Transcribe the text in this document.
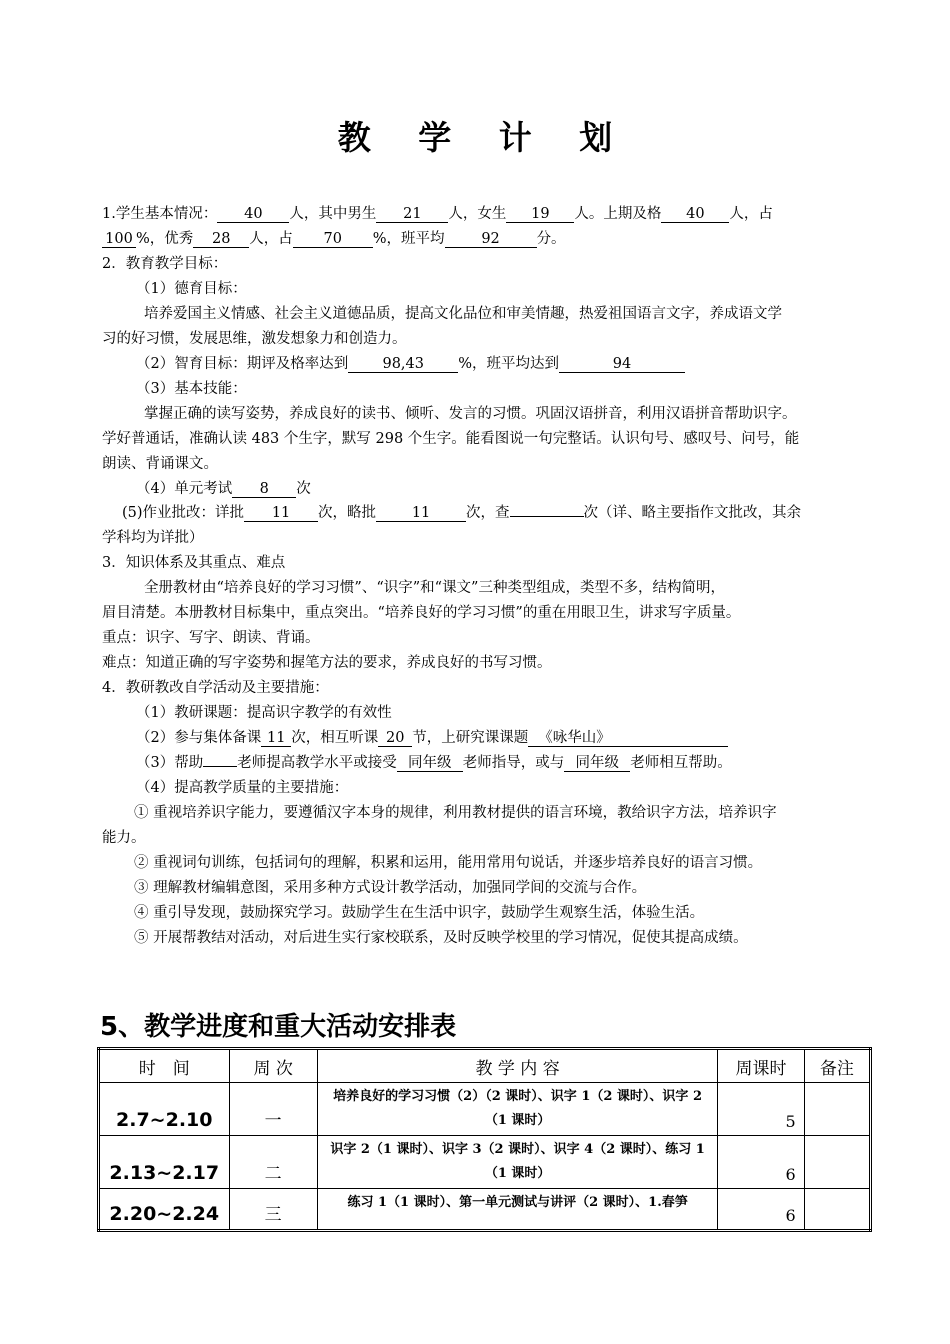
教 学 计 划
1.学生基本情况： 40 人，其中男生 21 人，女生 19 人。上期及格 40 人，占
100 %，优秀 28 人，占 70 %，班平均	92	分。
2．教育教学目标：
（1）德育目标：
培养爱国主义情感、社会主义道德品质，提高文化品位和审美情趣，热爱祖国语言文字，养成语文学
习的好习惯，发展思维，激发想象力和创造力。
（2）智育目标：期评及格率达到 98,43 %，班平均达到	94
（3）基本技能：
掌握正确的读写姿势，养成良好的读书、倾听、发言的习惯。巩固汉语拼音，利用汉语拼音帮助识字。
学好普通话，准确认读 483 个生字，默写 298 个生字。能看图说一句完整话。认识句号、感叹号、问号，能
朗读、背诵课文。
（4）单元考试 8 次
(5)作业批改：详批 11 次，略批 11 次，查	次（详、略主要指作文批改，其余
学科均为详批）
3．知识体系及其重点、难点
全册教材由“培养良好的学习习惯”、“识字”和“课文”三种类型组成，类型不多，结构简明，
眉目清楚。本册教材目标集中，重点突出。“培养良好的学习习惯”的重在用眼卫生，讲求写字质量。
重点：识字、写字、朗读、背诵。
难点：知道正确的写字姿势和握笔方法的要求，养成良好的书写习惯。
4．教研教改自学活动及主要措施：
（1）教研课题：提高识字教学的有效性
（2）参与集体备课 11 次，相互听课 20 节，上研究课课题 《咏华山》
（3）帮助 老师提高教学水平或接受 同年级 老师指导，或与 同年级 老师相互帮助。
（4）提高教学质量的主要措施：
① 重视培养识字能力，要遵循汉字本身的规律，利用教材提供的语言环境，教给识字方法，培养识字
能力。
② 重视词句训练，包括词句的理解，积累和运用，能用常用句说话，并逐步培养良好的语言习惯。
③ 理解教材编辑意图，采用多种方式设计教学活动，加强同学间的交流与合作。
④ 重引导发现，鼓励探究学习。鼓励学生在生活中识字，鼓励学生观察生活，体验生活。
⑤ 开展帮教结对活动，对后进生实行家校联系，及时反映学校里的学习情况，促使其提高成绩。
5、教学进度和重大活动安排表
时　间	周 次	教 学 内 容	周课时	备注
2.7~2.10	一	培养良好的学习习惯（2）（2 课时）、识字 1（2 课时）、识字 2（1 课时）	5	
2.13~2.17	二	识字 2（1 课时）、识字 3（2 课时）、识字 4（2 课时）、练习 1（1 课时）	6	
2.20~2.24	三	练习 1（1 课时）、第一单元测试与讲评（2 课时）、1.春笋	6	
